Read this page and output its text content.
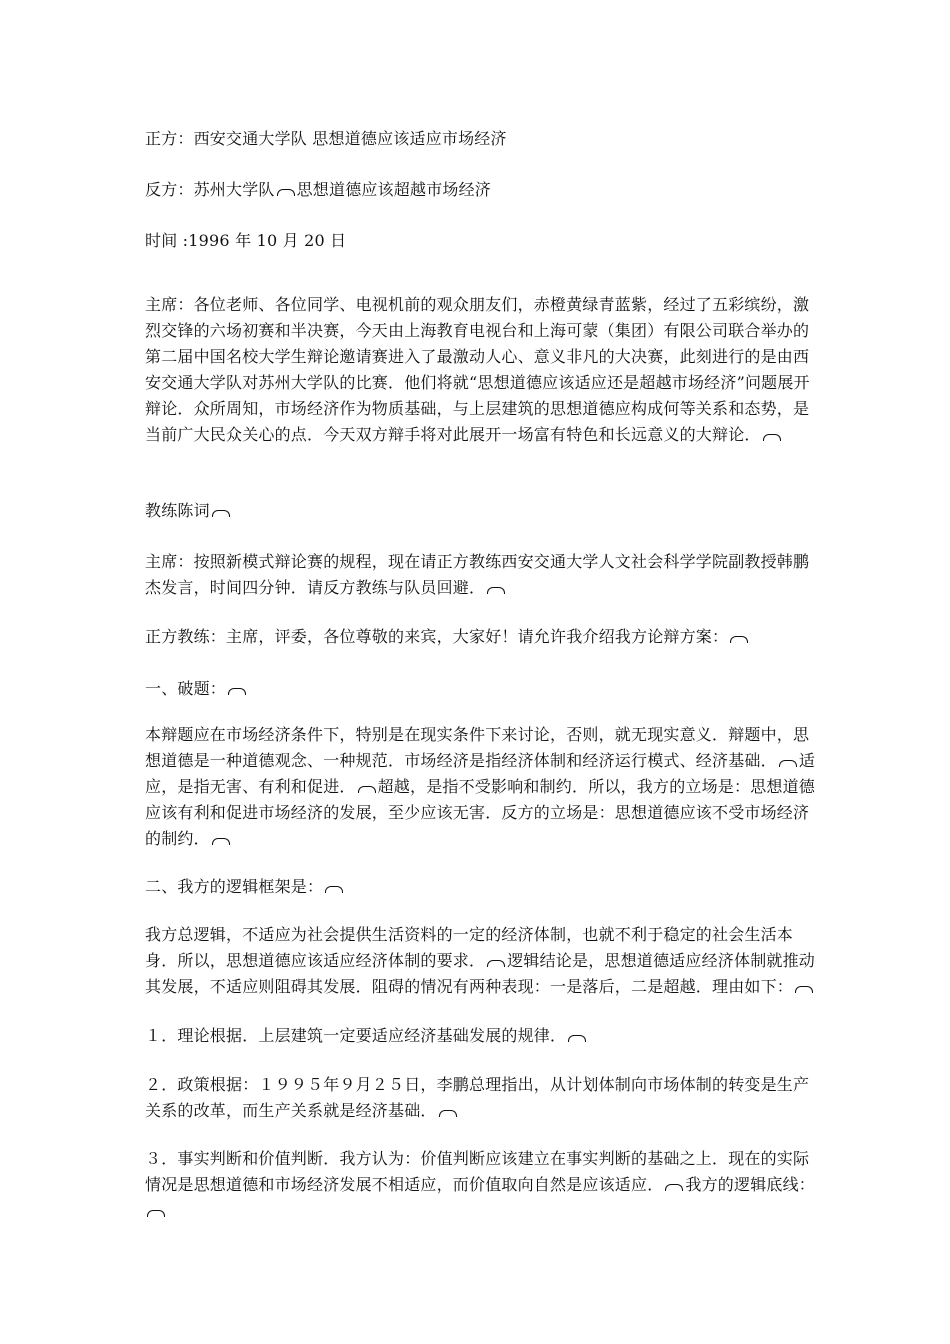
正方：西安交通大学队 思想道德应该适应市场经济

反方：苏州大学队 思想道德应该超越市场经济

时间 :1996 年 10 月 20 日

主席：各位老师、各位同学、电视机前的观众朋友们，赤橙黄绿青蓝紫，经过了五彩缤纷，激烈交锋的六场初赛和半决赛，今天由上海教育电视台和上海可蒙（集团）有限公司联合举办的第二届中国名校大学生辩论邀请赛进入了最激动人心、意义非凡的大决赛，此刻进行的是由西安交通大学队对苏州大学队的比赛．他们将就“思想道德应该适应还是超越市场经济”问题展开辩论．众所周知，市场经济作为物质基础，与上层建筑的思想道德应构成何等关系和态势，是当前广大民众关心的点．今天双方辩手将对此展开一场富有特色和长远意义的大辩论．

教练陈词

主席：按照新模式辩论赛的规程，现在请正方教练西安交通大学人文社会科学学院副教授韩鹏杰发言，时间四分钟．请反方教练与队员回避．

正方教练：主席，评委，各位尊敬的来宾，大家好！请允许我介绍我方论辩方案：

一、破题：

本辩题应在市场经济条件下，特别是在现实条件下来讨论，否则，就无现实意义．辩题中，思想道德是一种道德观念、一种规范．市场经济是指经济体制和经济运行模式、经济基础． 适应，是指无害、有利和促进． 超越，是指不受影响和制约．所以，我方的立场是：思想道德应该有利和促进市场经济的发展，至少应该无害．反方的立场是：思想道德应该不受市场经济的制约．

二、我方的逻辑框架是：

我方总逻辑，不适应为社会提供生活资料的一定的经济体制，也就不利于稳定的社会生活本身．所以，思想道德应该适应经济体制的要求． 逻辑结论是，思想道德适应经济体制就推动其发展，不适应则阻碍其发展．阻碍的情况有两种表现：一是落后，二是超越．理由如下：

１．理论根据．上层建筑一定要适应经济基础发展的规律．

２．政策根据：１９９５年９月２５日，李鹏总理指出，从计划体制向市场体制的转变是生产关系的改革，而生产关系就是经济基础．

３．事实判断和价值判断．我方认为：价值判断应该建立在事实判断的基础之上．现在的实际情况是思想道德和市场经济发展不相适应，而价值取向自然是应该适应． 我方的逻辑底线：
